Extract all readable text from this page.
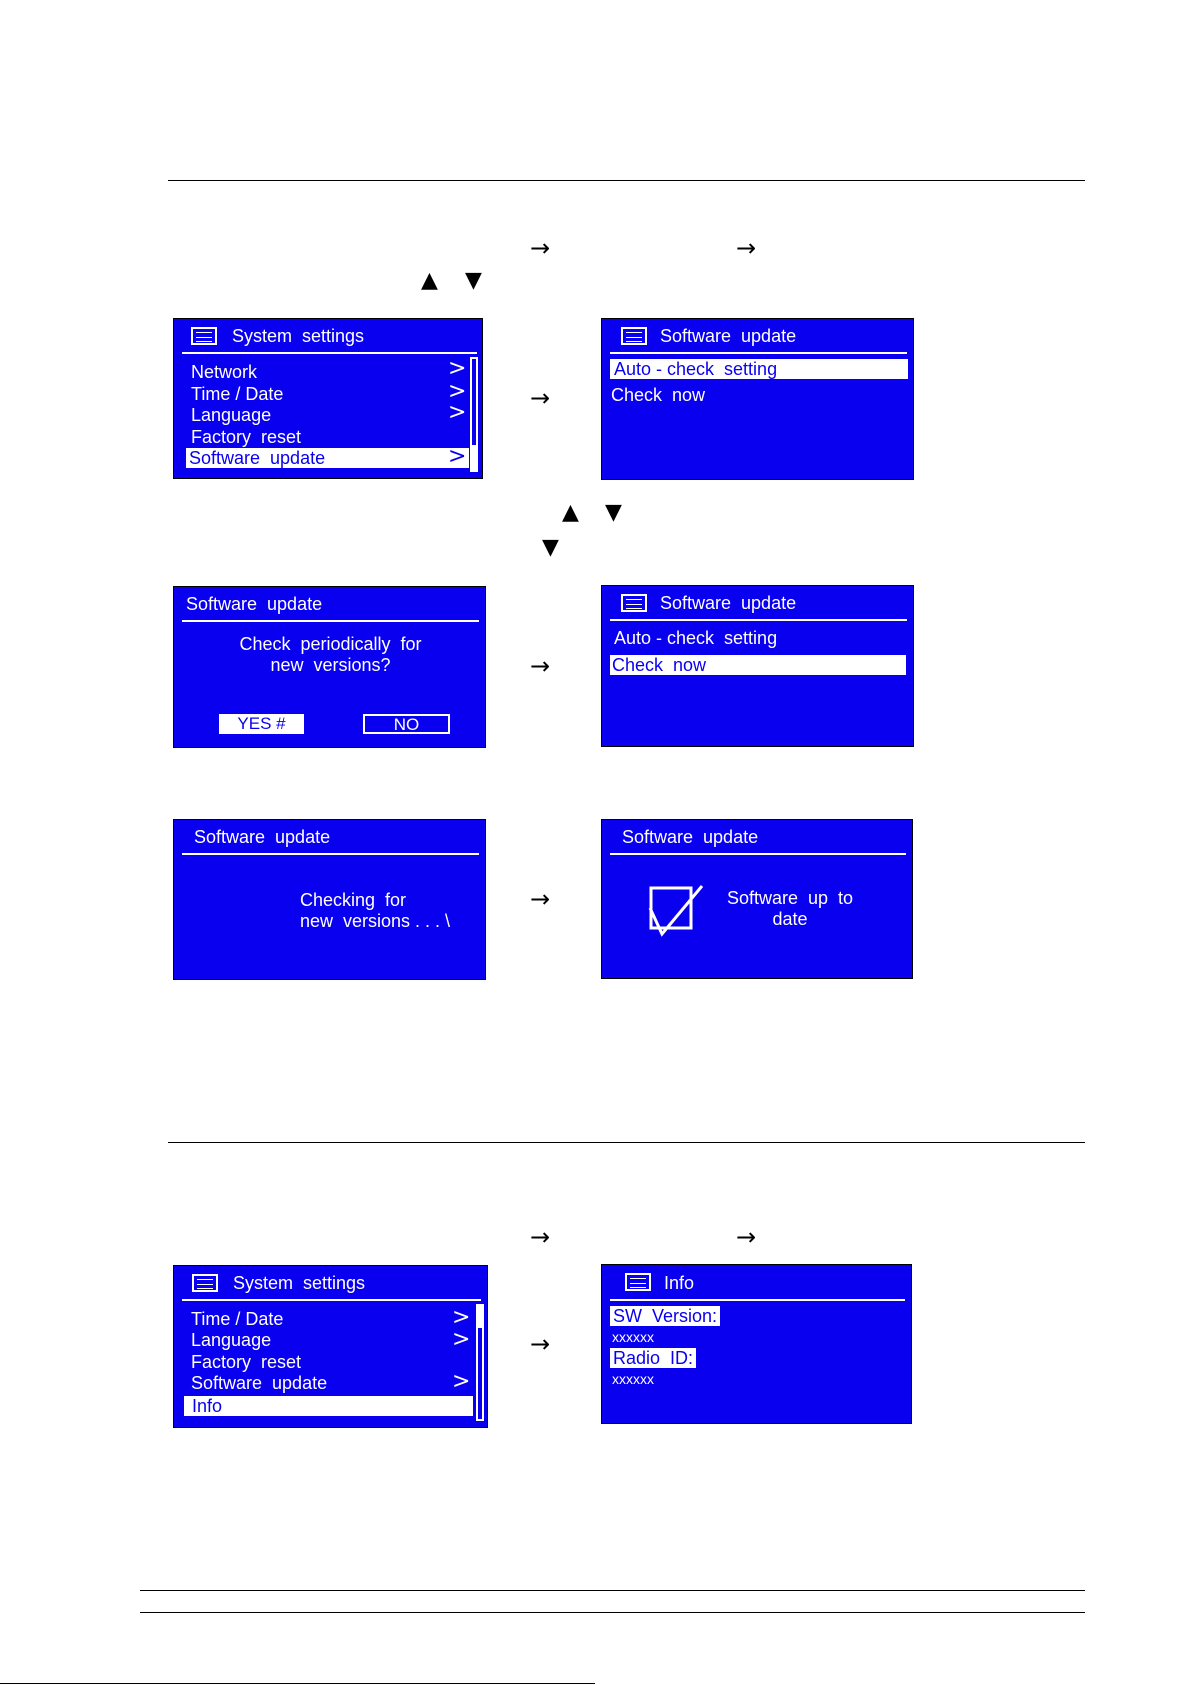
→	→
▲ ▼
System  settings
Network	>
Time / Date	>
Language	>
Factory  reset
Software  update	>
→
Software  update
Auto - check  setting
Check  now
▲ ▼
▼
Software  update
Check  periodically  for
new  versions?
YES #	NO
→
Software  update
Auto - check  setting
Check  now
Software  update
Checking  for
new  versions . . . \
→
Software  update
Software  up  to
date
→	→
System  settings
Time / Date	>
Language	>
Factory  reset
Software  update	>
Info
→
Info
SW  Version:
xxxxxx
Radio  ID:
xxxxxx
